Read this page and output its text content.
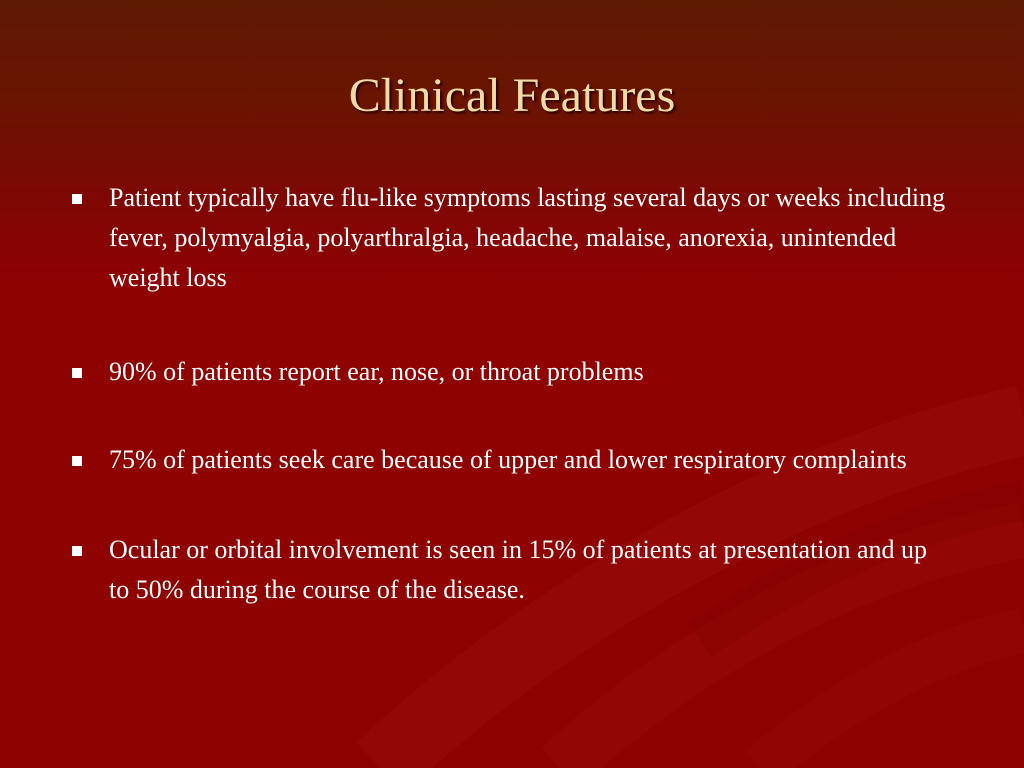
Clinical Features
Patient typically have flu-like symptoms lasting several days or weeks including fever, polymyalgia, polyarthralgia, headache, malaise, anorexia, unintended weight loss
90% of patients report ear, nose, or throat problems
75% of patients seek care because of upper and lower respiratory complaints
Ocular or orbital involvement is seen in 15% of patients at presentation and up to 50% during the course of the disease.
